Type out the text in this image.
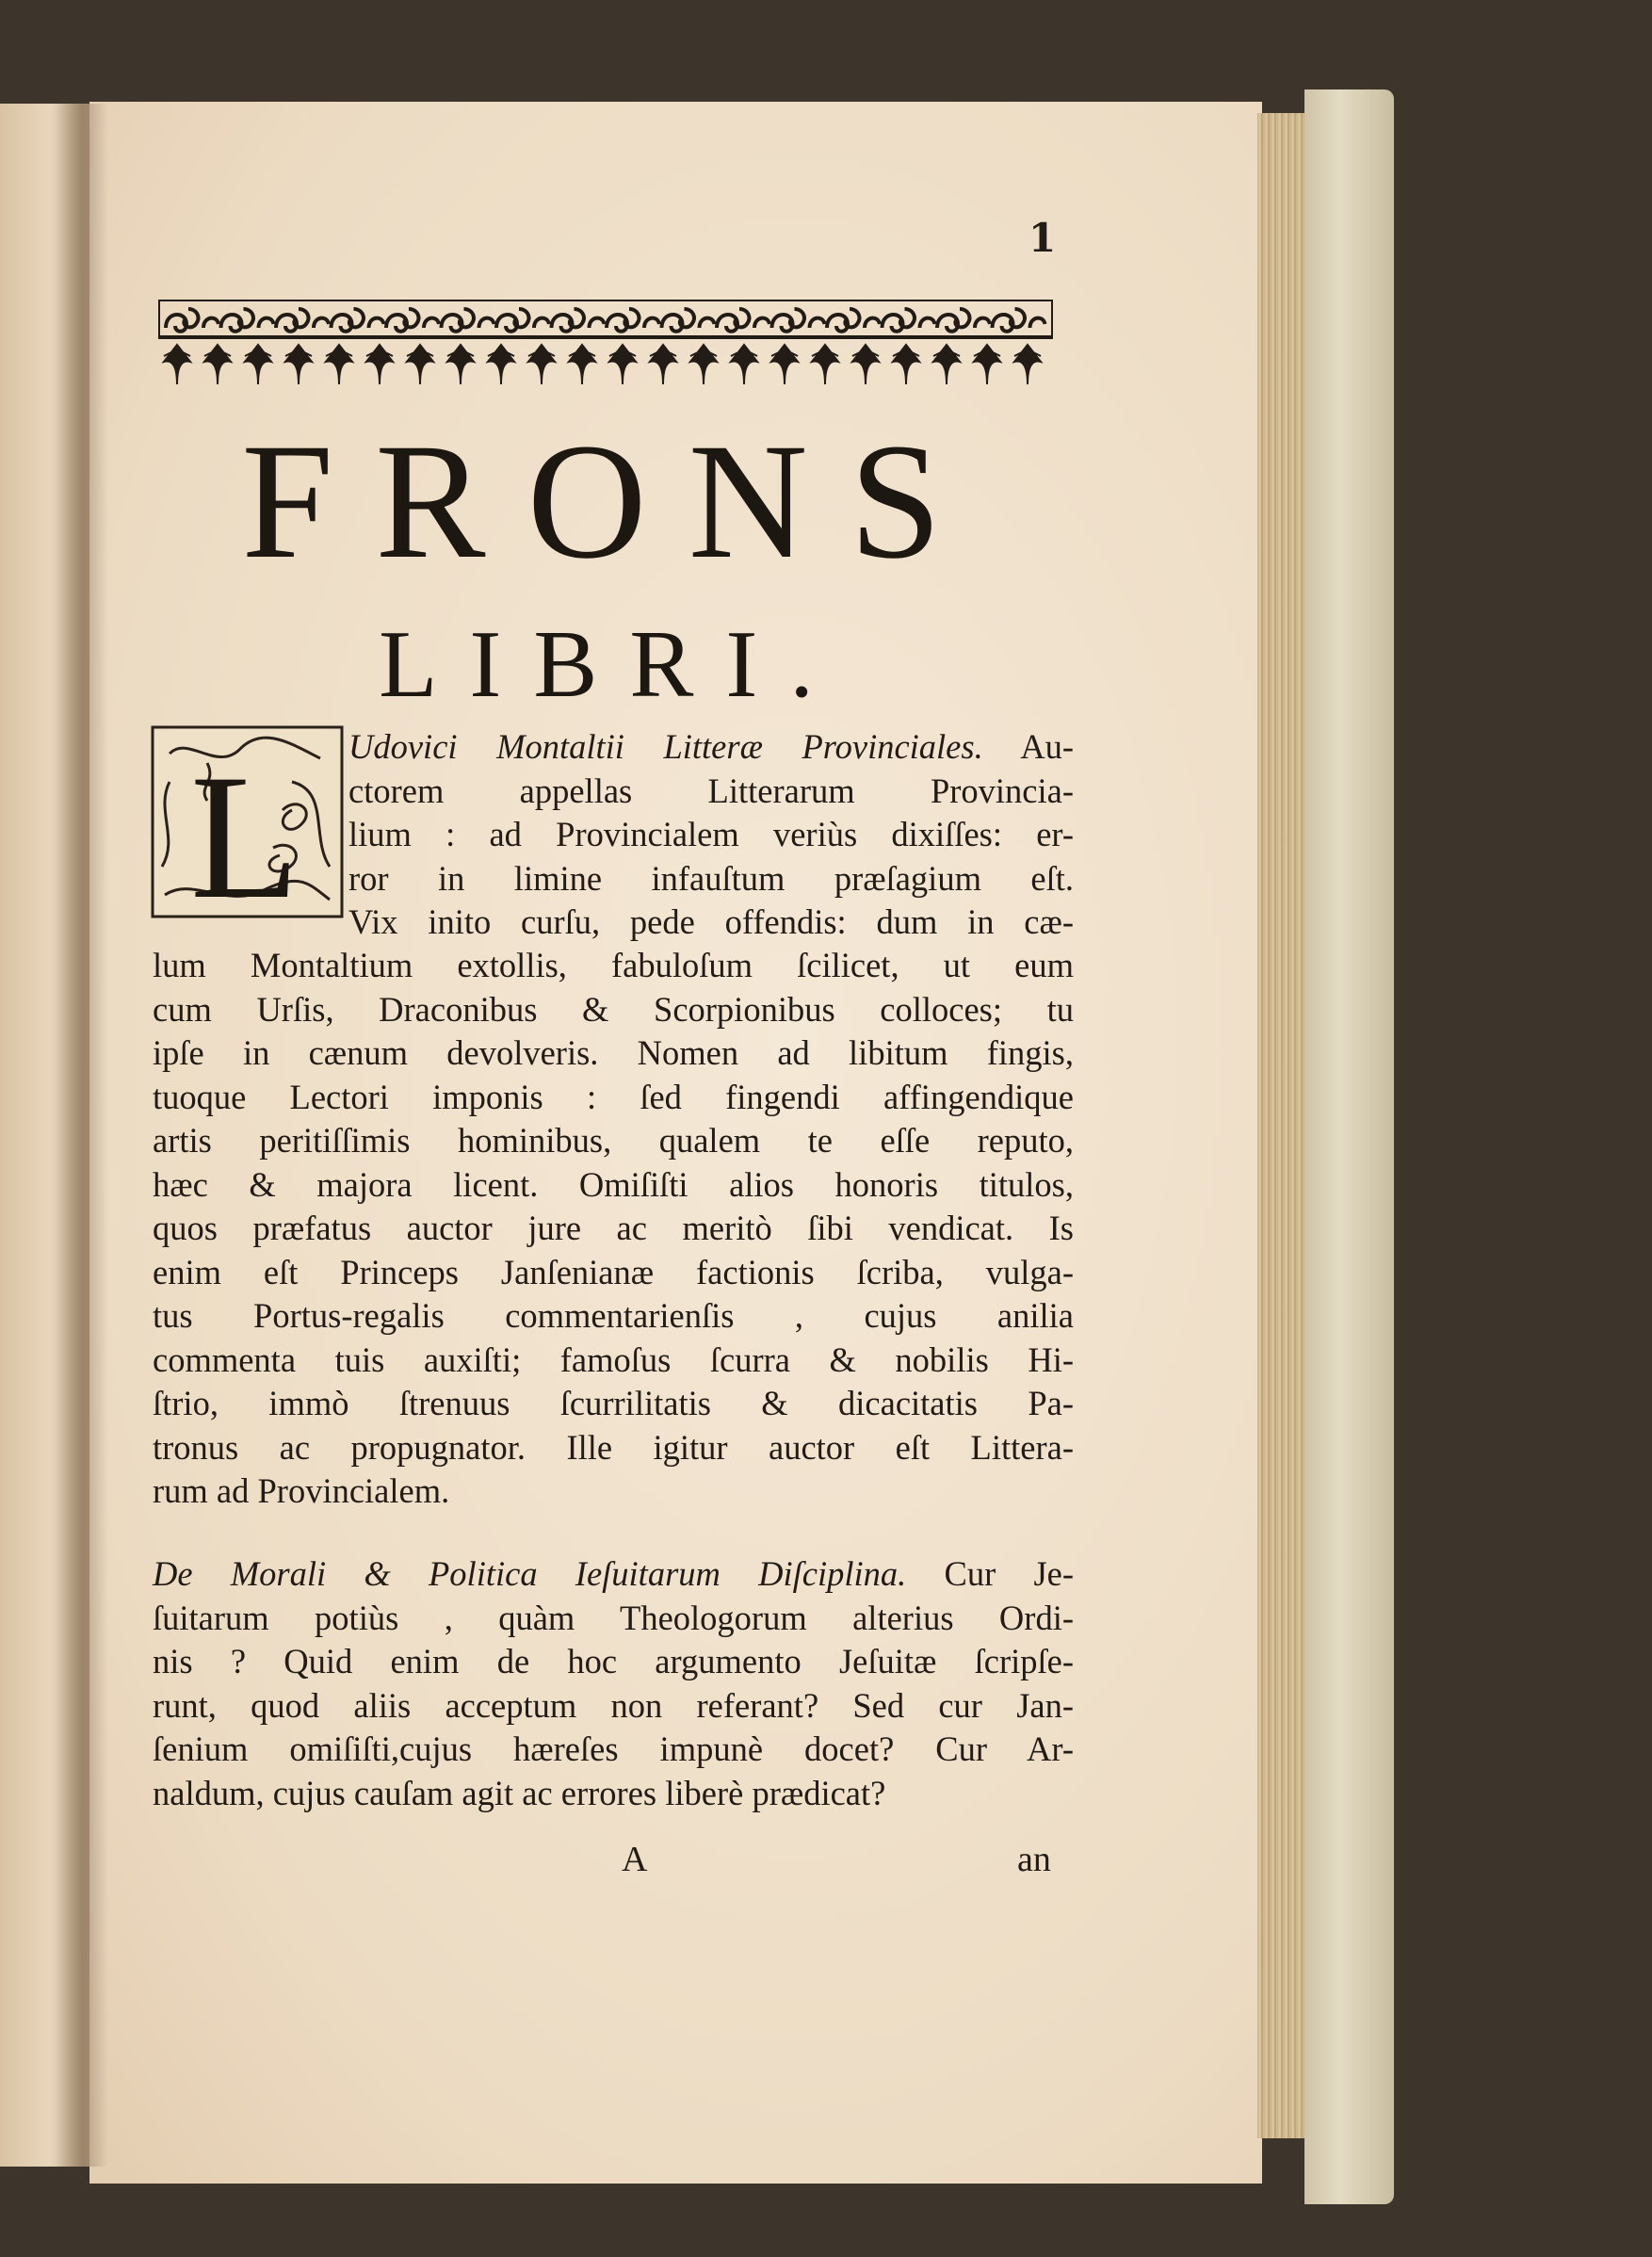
1
FRONS
LIBRI.
L Udovici Montaltii Litteræ Provinciales. Au-
ctorem appellas Litterarum Provincia-
lium : ad Provincialem veriùs dixiſſes: er-
ror in limine infauſtum præſagium eſt.
Vix inito curſu, pede offendis: dum in cæ-
lum Montaltium extollis, fabuloſum ſcilicet, ut eum
cum Urſis, Draconibus & Scorpionibus colloces; tu
ipſe in cænum devolveris. Nomen ad libitum fingis,
tuoque Lectori imponis : ſed fingendi affingendique
artis peritiſſimis hominibus, qualem te eſſe reputo,
hæc & majora licent. Omiſiſti alios honoris titulos,
quos præfatus auctor jure ac meritò ſibi vendicat. Is
enim eſt Princeps Janſenianæ factionis ſcriba, vulga-
tus Portus-regalis commentarienſis , cujus anilia
commenta tuis auxiſti; famoſus ſcurra & nobilis Hi-
ſtrio, immò ſtrenuus ſcurrilitatis & dicacitatis Pa-
tronus ac propugnator. Ille igitur auctor eſt Littera-
rum ad Provincialem.
De Morali & Politica Ieſuitarum Diſciplina. Cur Je-
ſuitarum potiùs , quàm Theologorum alterius Ordi-
nis ? Quid enim de hoc argumento Jeſuitæ ſcripſe-
runt, quod aliis acceptum non referant? Sed cur Jan-
ſenium omiſiſti,cujus hæreſes impunè docet? Cur Ar-
naldum, cujus cauſam agit ac errores liberè prædicat?
A	an
